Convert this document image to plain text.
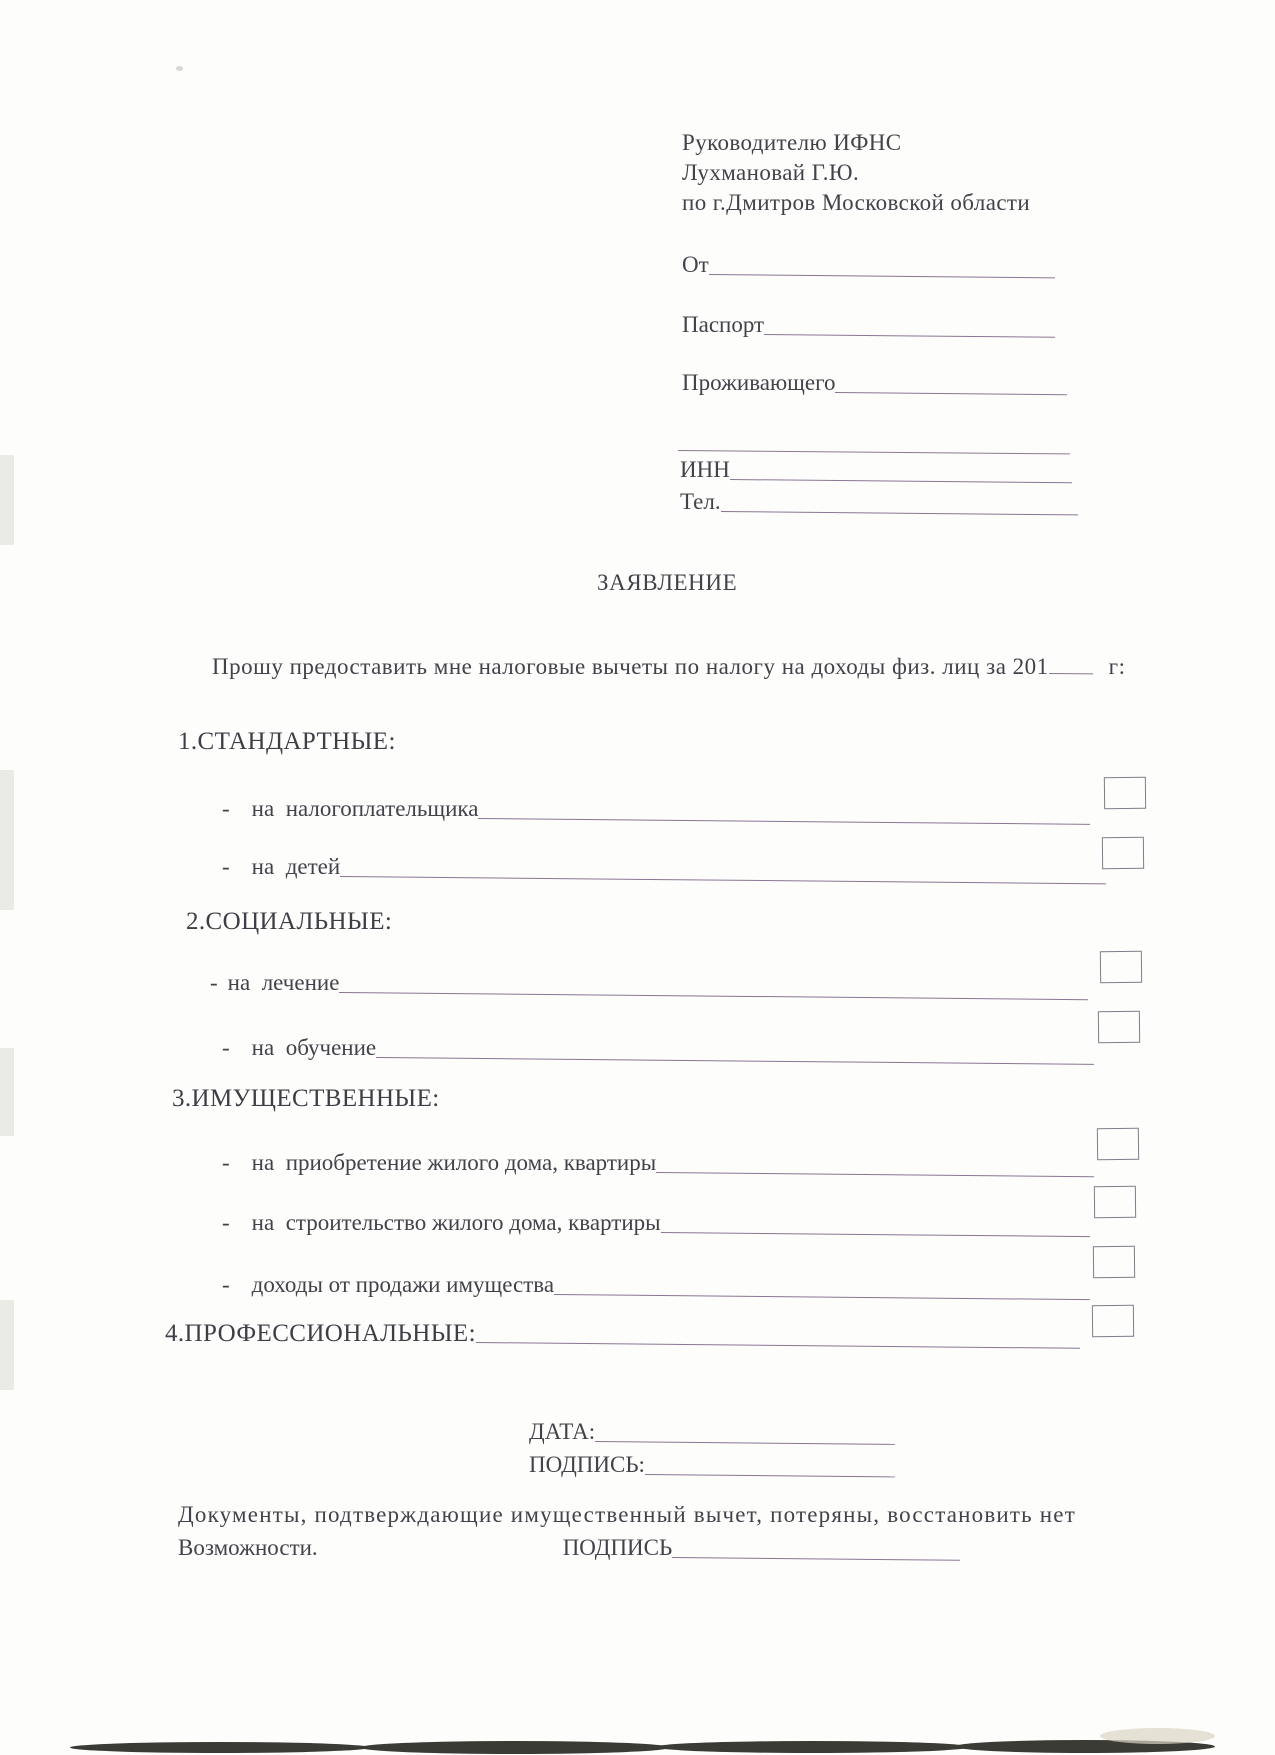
Руководителю ИФНС
Лухмановай Г.Ю.
по г.Дмитров Московской области
От
Паспорт
Проживающего
ИНН
Тел.
ЗАЯВЛЕНИЕ
Прошу предоставить мне налоговые вычеты по налогу на доходы физ. лиц за 201	г:
1.СТАНДАРТНЫЕ:
- на  налогоплательщика
- на  детей
2.СОЦИАЛЬНЫЕ:
- на  лечение
- на  обучение
3.ИМУЩЕСТВЕННЫЕ:
- на  приобретение жилого дома, квартиры
- на  строительство жилого дома, квартиры
- доходы от продажи имущества
4.ПРОФЕССИОНАЛЬНЫЕ:
ДАТА:
ПОДПИСЬ:
Документы, подтверждающие имущественный вычет, потеряны, восстановить нет
Возможности.	ПОДПИСЬ
